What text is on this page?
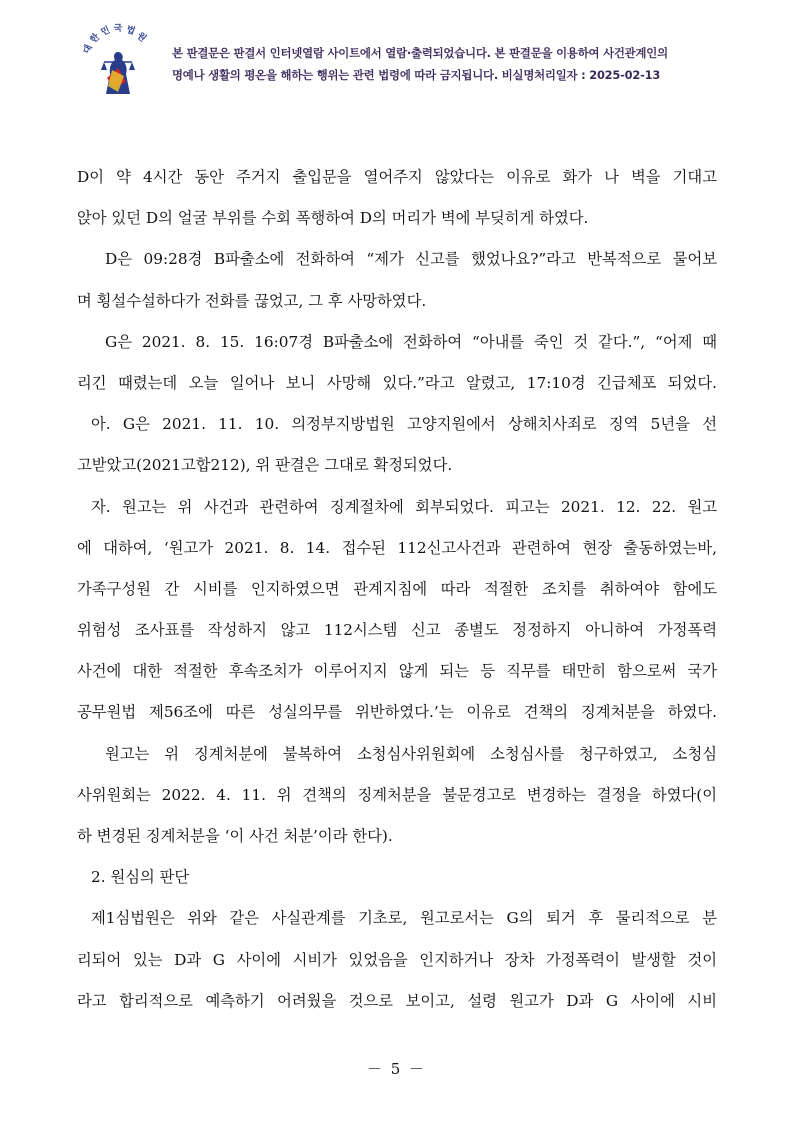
대 한 민 국 법 원
본 판결문은 판결서 인터넷열람 사이트에서 열람·출력되었습니다. 본 판결문을 이용하여 사건관계인의
명예나 생활의 평온을 해하는 행위는 관련 법령에 따라 금지됩니다. 비실명처리일자 : 2025-02-13
D이 약 4시간 동안 주거지 출입문을 열어주지 않았다는 이유로 화가 나 벽을 기대고
앉아 있던 D의 얼굴 부위를 수회 폭행하여 D의 머리가 벽에 부딪히게 하였다.
D은 09:28경 B파출소에 전화하여 “제가 신고를 했었나요?”라고 반복적으로 물어보
며 횡설수설하다가 전화를 끊었고, 그 후 사망하였다.
G은 2021. 8. 15. 16:07경 B파출소에 전화하여 “아내를 죽인 것 같다.”, “어제 때
리긴 때렸는데 오늘 일어나 보니 사망해 있다.”라고 알렸고, 17:10경 긴급체포 되었다.
아. G은 2021. 11. 10. 의정부지방법원 고양지원에서 상해치사죄로 징역 5년을 선
고받았고(2021고합212), 위 판결은 그대로 확정되었다.
자. 원고는 위 사건과 관련하여 징계절차에 회부되었다. 피고는 2021. 12. 22. 원고
에 대하여, ‘원고가 2021. 8. 14. 접수된 112신고사건과 관련하여 현장 출동하였는바,
가족구성원 간 시비를 인지하였으면 관계지침에 따라 적절한 조치를 취하여야 함에도
위험성 조사표를 작성하지 않고 112시스템 신고 종별도 정정하지 아니하여 가정폭력
사건에 대한 적절한 후속조치가 이루어지지 않게 되는 등 직무를 태만히 함으로써 국가
공무원법 제56조에 따른 성실의무를 위반하였다.’는 이유로 견책의 징계처분을 하였다.
원고는 위 징계처분에 불복하여 소청심사위원회에 소청심사를 청구하였고, 소청심
사위원회는 2022. 4. 11. 위 견책의 징계처분을 불문경고로 변경하는 결정을 하였다(이
하 변경된 징계처분을 ‘이 사건 처분’이라 한다).
2. 원심의 판단
제1심법원은 위와 같은 사실관계를 기초로, 원고로서는 G의 퇴거 후 물리적으로 분
리되어 있는 D과 G 사이에 시비가 있었음을 인지하거나 장차 가정폭력이 발생할 것이
라고 합리적으로 예측하기 어려웠을 것으로 보이고, 설령 원고가 D과 G 사이에 시비
－ 5 －
